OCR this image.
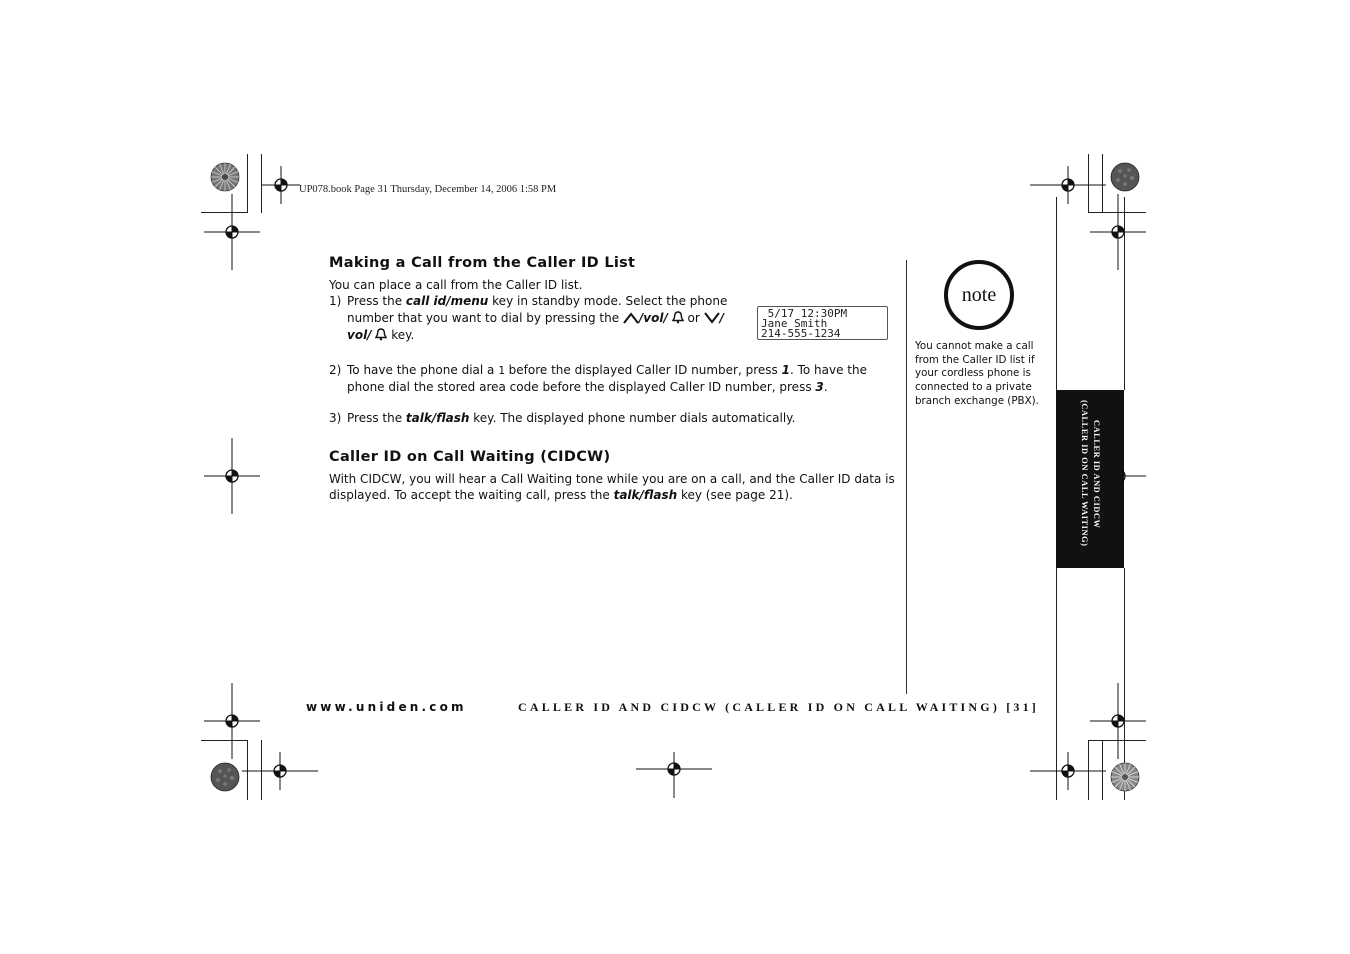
UP078.book Page 31 Thursday, December 14, 2006 1:58 PM
Making a Call from the Caller ID List
You can place a call from the Caller ID list.
1) Press the call id/menu key in standby mode. Select the phone number that you want to dial by pressing the /vol/  or / vol/  key.
5/17 12:30PM
Jane Smith
214-555-1234
2) To have the phone dial a 1 before the displayed Caller ID number, press 1. To have the phone dial the stored area code before the displayed Caller ID number, press 3.
3) Press the talk/flash key. The displayed phone number dials automatically.
Caller ID on Call Waiting (CIDCW)
With CIDCW, you will hear a Call Waiting tone while you are on a call, and the Caller ID data is displayed. To accept the waiting call, press the talk/flash key (see page 21).
note
You cannot make a call from the Caller ID list if your cordless phone is connected to a private branch exchange (PBX).
CALLER ID AND CIDCW
(CALLER ID ON CALL WAITING)
www.uniden.com	CALLER ID AND CIDCW (CALLER ID ON CALL WAITING) [31]
